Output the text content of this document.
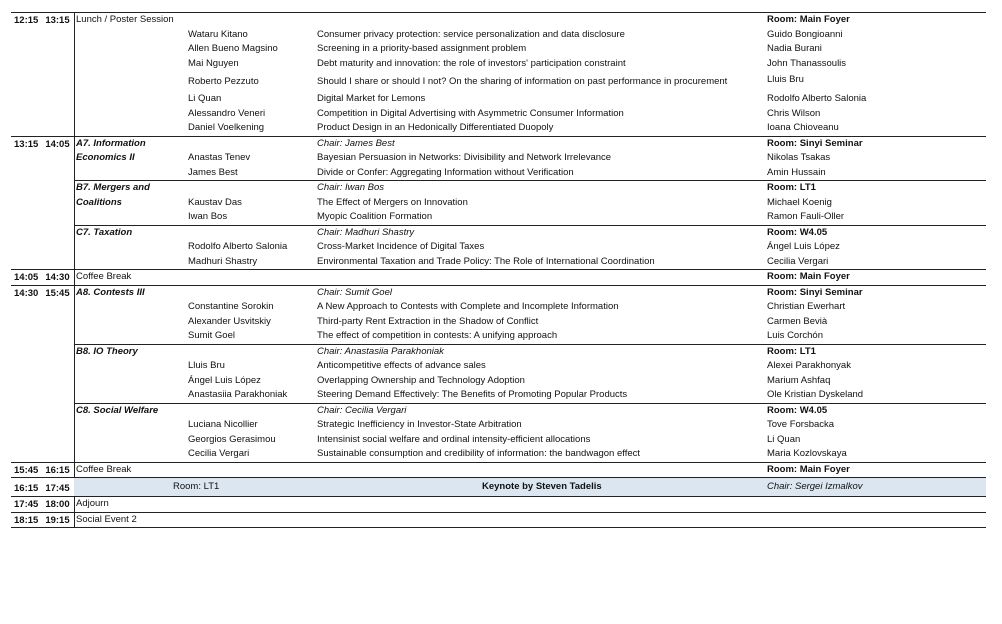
12:15 13:15 Lunch / Poster Session	Room: Main Foyer
Wataru Kitano	Consumer privacy protection: service personalization and data disclosure	Guido Bongioanni
Allen Bueno Magsino	Screening in a priority-based assignment problem	Nadia Burani
Mai Nguyen	Debt maturity and innovation: the role of investors' participation constraint	John Thanassoulis
Roberto Pezzuto	Should I share or should I not? On the sharing of information on past performance in procurement	Lluis Bru
Li Quan	Digital Market for Lemons	Rodolfo Alberto Salonia
Alessandro Veneri	Competition in Digital Advertising with Asymmetric Consumer Information	Chris Wilson
Daniel Voelkening	Product Design in an Hedonically Differentiated Duopoly	Ioana Chioveanu
13:15 14:05 A7. Information	Chair: James Best	Room: Sinyi Seminar
Economics II	Anastas Tenev	Bayesian Persuasion in Networks: Divisibility and Network Irrelevance	Nikolas Tsakas
James Best	Divide or Confer: Aggregating Information without Verification	Amin Hussain
B7. Mergers and	Chair: Iwan Bos	Room: LT1
Coalitions	Kaustav Das	The Effect of Mergers on Innovation	Michael Koenig
Iwan Bos	Myopic Coalition Formation	Ramon Fauli-Oller
C7. Taxation	Chair: Madhuri Shastry	Room: W4.05
Rodolfo Alberto Salonia	Cross-Market Incidence of Digital Taxes	Ángel Luis López
Madhuri Shastry	Environmental Taxation and Trade Policy: The Role of International Coordination	Cecilia Vergari
14:05 14:30 Coffee Break	Room: Main Foyer
14:30 15:45 A8. Contests III	Chair: Sumit Goel	Room: Sinyi Seminar
Constantine Sorokin	A New Approach to Contests with Complete and Incomplete Information	Christian Ewerhart
Alexander Usvitskiy	Third-party Rent Extraction in the Shadow of Conflict	Carmen Bevià
Sumit Goel	The effect of competition in contests: A unifying approach	Luis Corchón
B8. IO Theory	Chair: Anastasiia Parakhoniak	Room: LT1
Lluis Bru	Anticompetitive effects of advance sales	Alexei Parakhonyak
Ángel Luis López	Overlapping Ownership and Technology Adoption	Marium Ashfaq
Anastasiia Parakhoniak	Steering Demand Effectively: The Benefits of Promoting Popular Products	Ole Kristian Dyskeland
C8. Social Welfare	Chair: Cecilia Vergari	Room: W4.05
Luciana Nicollier	Strategic Inefficiency in Investor-State Arbitration	Tove Forsbacka
Georgios Gerasimou	Intensinist social welfare and ordinal intensity-efficient allocations	Li Quan
Cecilia Vergari	Sustainable consumption and credibility of information: the bandwagon effect	Maria Kozlovskaya
15:45 16:15 Coffee Break	Room: Main Foyer
16:15 17:45	Room: LT1	Keynote by Steven Tadelis	Chair: Sergei Izmalkov
17:45 18:00 Adjourn
18:15 19:15 Social Event 2
